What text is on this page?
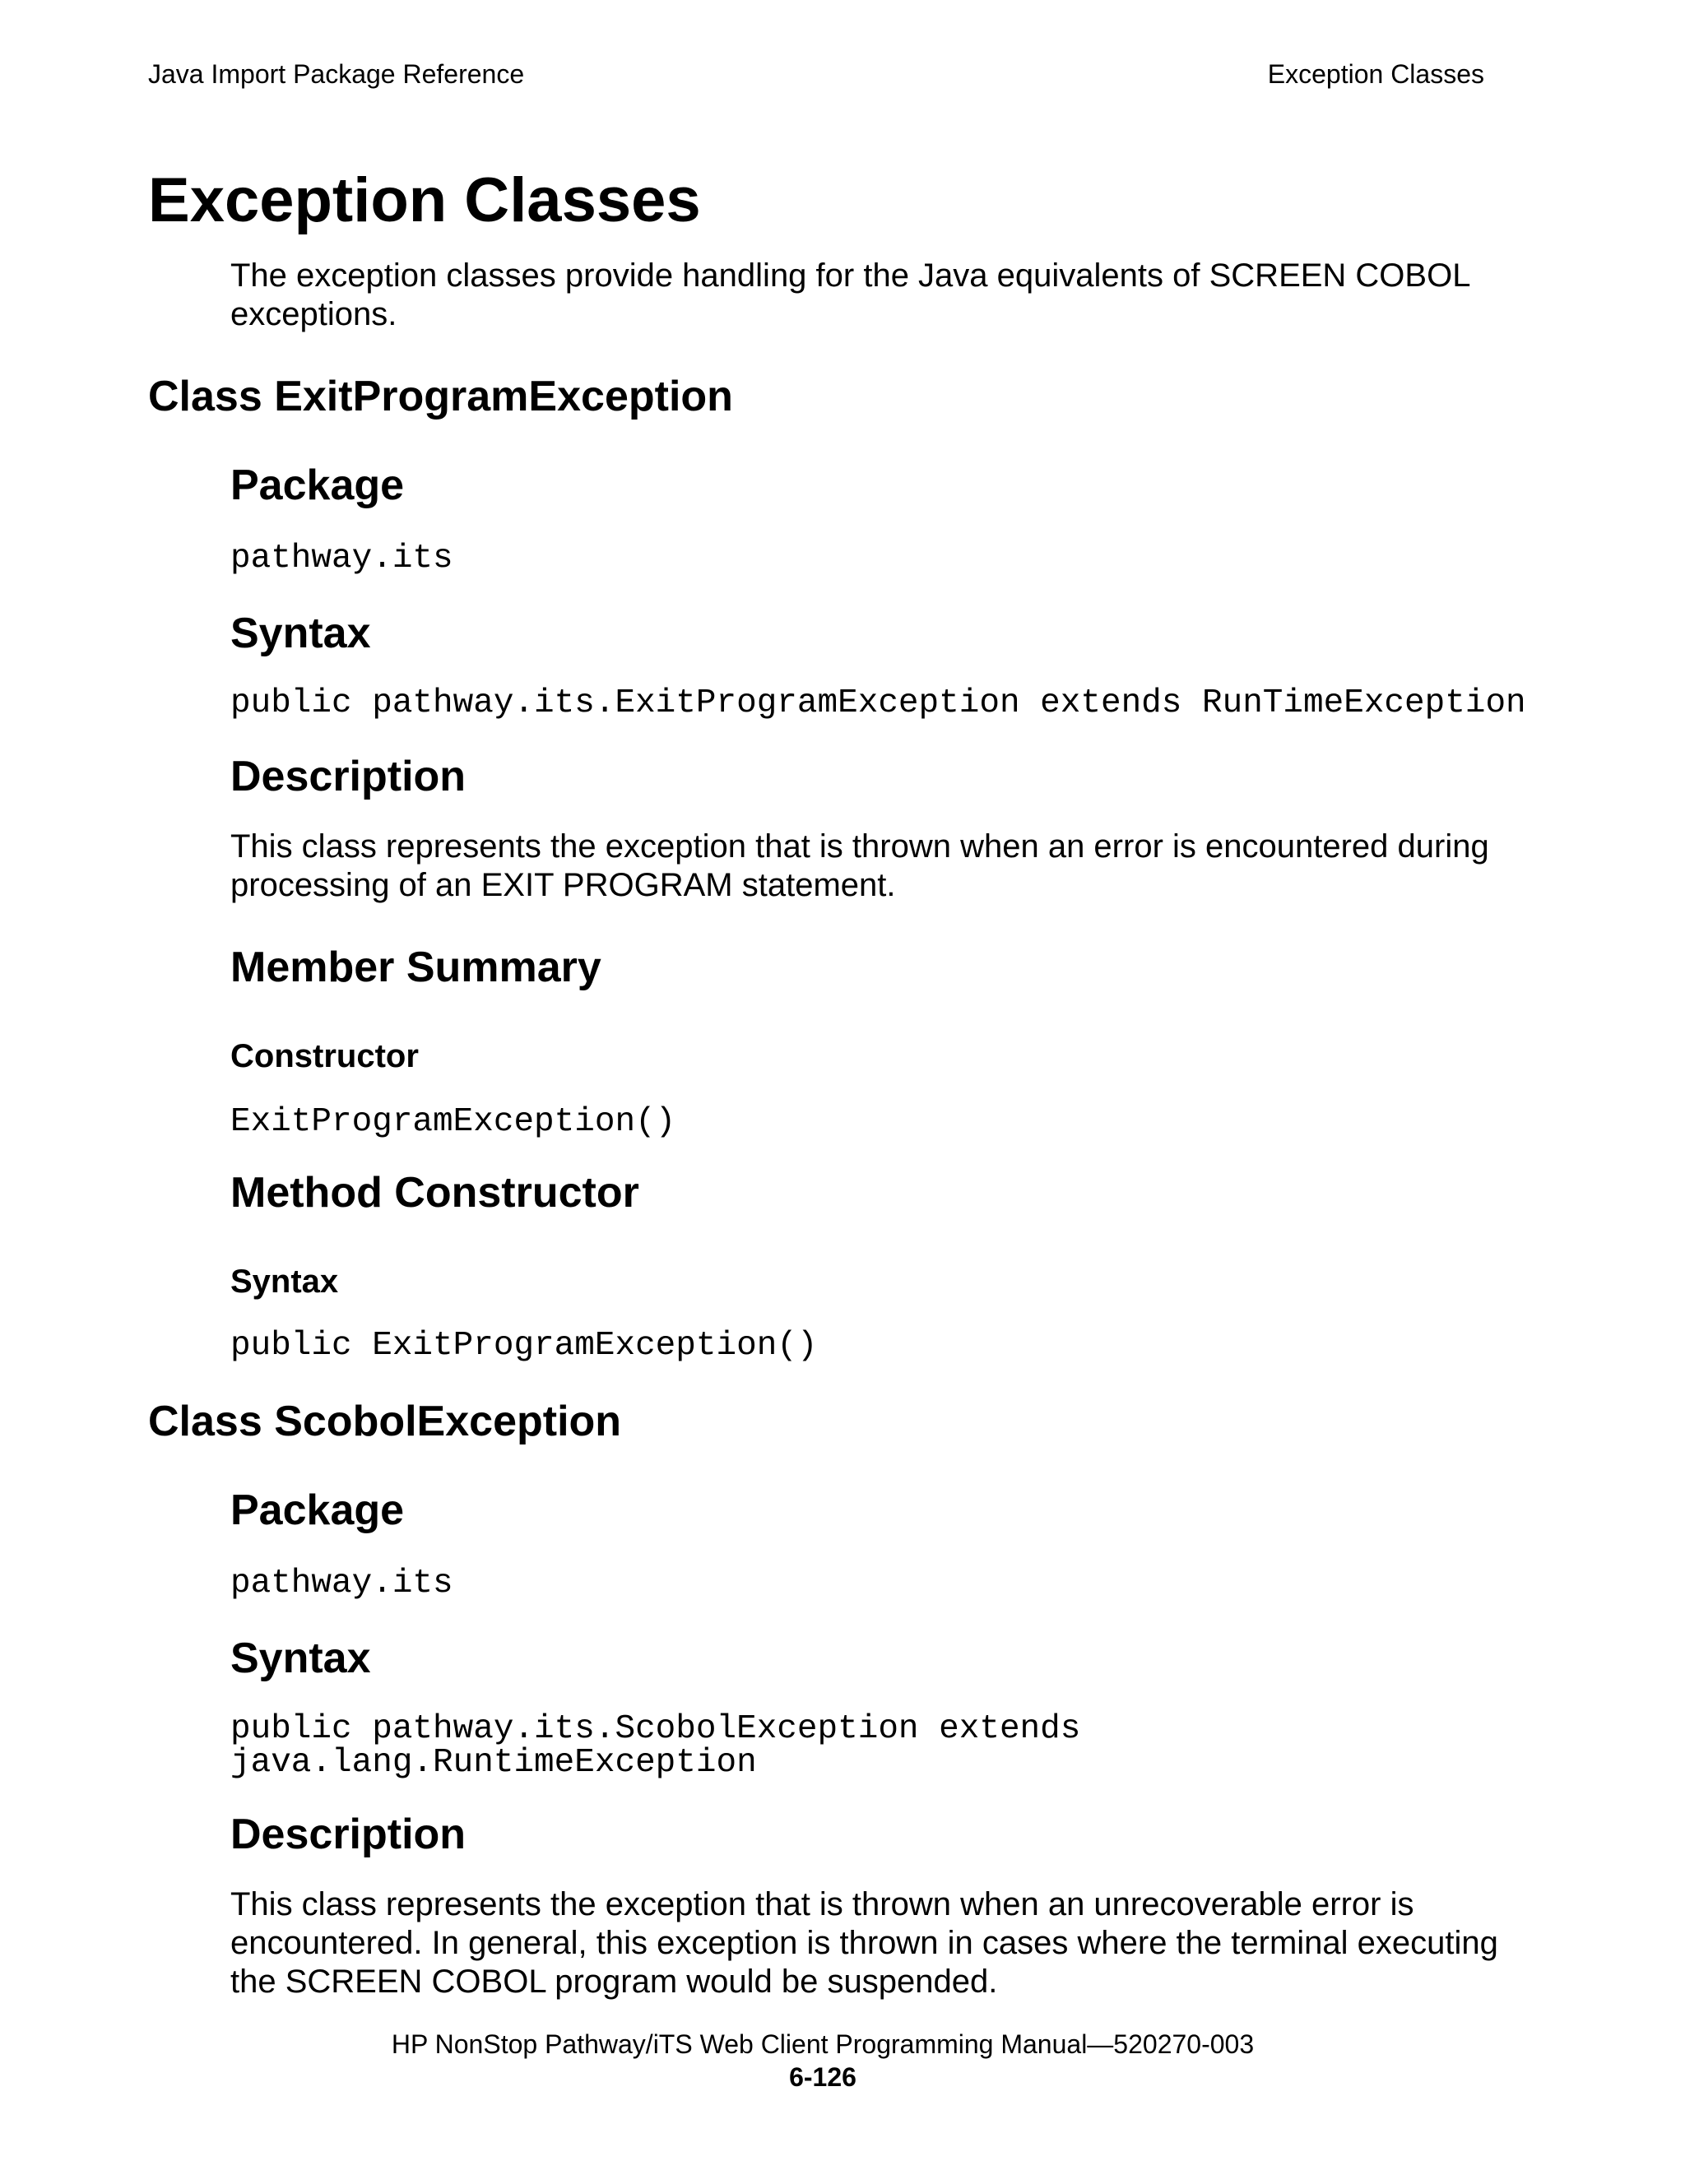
Java Import Package Reference	Exception Classes
Exception Classes
The exception classes provide handling for the Java equivalents of SCREEN COBOL exceptions.
Class ExitProgramException
Package
pathway.its
Syntax
public pathway.its.ExitProgramException extends RunTimeException
Description
This class represents the exception that is thrown when an error is encountered during processing of an EXIT PROGRAM statement.
Member Summary
Constructor
ExitProgramException()
Method Constructor
Syntax
public ExitProgramException()
Class ScobolException
Package
pathway.its
Syntax
public pathway.its.ScobolException extends
java.lang.RuntimeException
Description
This class represents the exception that is thrown when an unrecoverable error is encountered. In general, this exception is thrown in cases where the terminal executing the SCREEN COBOL program would be suspended.
HP NonStop Pathway/iTS Web Client Programming Manual—520270-003
6-126
